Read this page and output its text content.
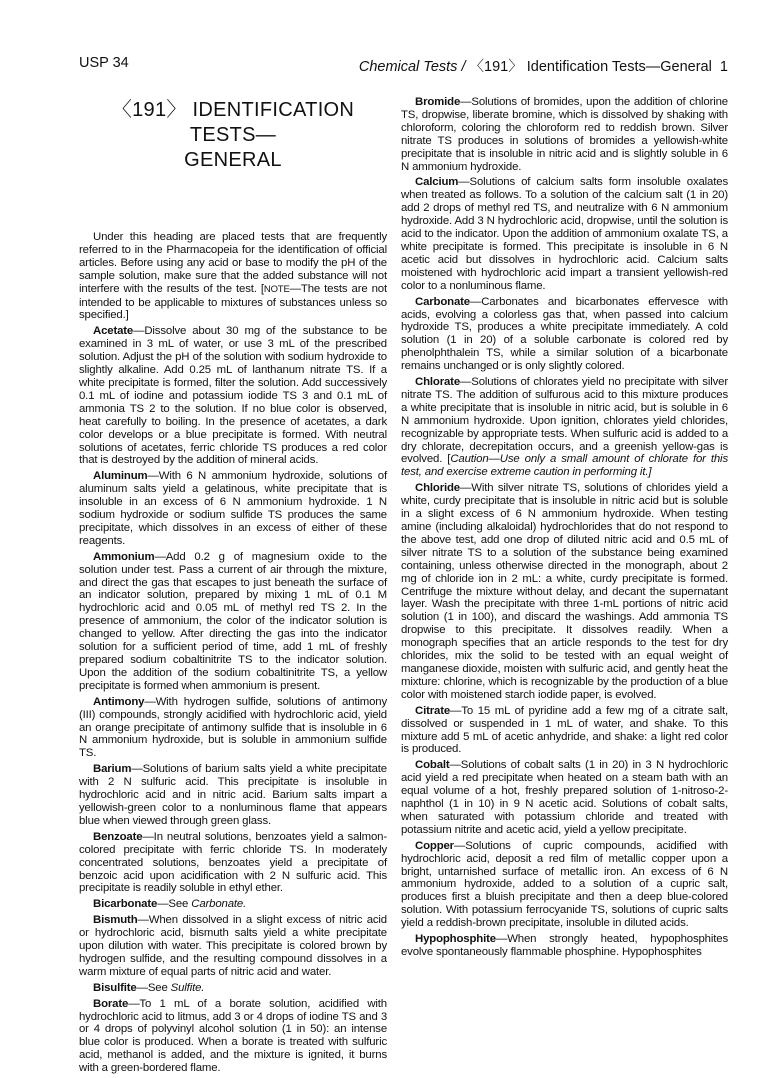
USP 34	Chemical Tests / 〈191〉 Identification Tests—General 1
〈191〉 IDENTIFICATION TESTS—
GENERAL

Under this heading are placed tests that are frequently referred to in the Pharmacopeia for the identification of official articles. Before using any acid or base to modify the pH of the sample solution, make sure that the added substance will not interfere with the results of the test. [NOTE—The tests are not intended to be applicable to mixtures of substances unless so specified.]

Acetate—Dissolve about 30 mg of the substance to be examined in 3 mL of water, or use 3 mL of the prescribed solution. Adjust the pH of the solution with sodium hydroxide to slightly alkaline. Add 0.25 mL of lanthanum nitrate TS. If a white precipitate is formed, filter the solution. Add successively 0.1 mL of iodine and potassium iodide TS 3 and 0.1 mL of ammonia TS 2 to the solution. If no blue color is observed, heat carefully to boiling. In the presence of acetates, a dark color develops or a blue precipitate is formed. With neutral solutions of acetates, ferric chloride TS produces a red color that is destroyed by the addition of mineral acids.

Aluminum—With 6 N ammonium hydroxide, solutions of aluminum salts yield a gelatinous, white precipitate that is insoluble in an excess of 6 N ammonium hydroxide. 1 N sodium hydroxide or sodium sulfide TS produces the same precipitate, which dissolves in an excess of either of these reagents.

Ammonium—Add 0.2 g of magnesium oxide to the solution under test. Pass a current of air through the mixture, and direct the gas that escapes to just beneath the surface of an indicator solution, prepared by mixing 1 mL of 0.1 M hydrochloric acid and 0.05 mL of methyl red TS 2. In the presence of ammonium, the color of the indicator solution is changed to yellow. After directing the gas into the indicator solution for a sufficient period of time, add 1 mL of freshly prepared sodium cobaltinitrite TS to the indicator solution. Upon the addition of the sodium cobaltinitrite TS, a yellow precipitate is formed when ammonium is present.

Antimony—With hydrogen sulfide, solutions of antimony (III) compounds, strongly acidified with hydrochloric acid, yield an orange precipitate of antimony sulfide that is insoluble in 6 N ammonium hydroxide, but is soluble in ammonium sulfide TS.

Barium—Solutions of barium salts yield a white precipitate with 2 N sulfuric acid. This precipitate is insoluble in hydrochloric acid and in nitric acid. Barium salts impart a yellowish-green color to a nonluminous flame that appears blue when viewed through green glass.

Benzoate—In neutral solutions, benzoates yield a salmon-colored precipitate with ferric chloride TS. In moderately concentrated solutions, benzoates yield a precipitate of benzoic acid upon acidification with 2 N sulfuric acid. This precipitate is readily soluble in ethyl ether.

Bicarbonate—See Carbonate.

Bismuth—When dissolved in a slight excess of nitric acid or hydrochloric acid, bismuth salts yield a white precipitate upon dilution with water. This precipitate is colored brown by hydrogen sulfide, and the resulting compound dissolves in a warm mixture of equal parts of nitric acid and water.

Bisulfite—See Sulfite.

Borate—To 1 mL of a borate solution, acidified with hydrochloric acid to litmus, add 3 or 4 drops of iodine TS and 3 or 4 drops of polyvinyl alcohol solution (1 in 50): an intense blue color is produced. When a borate is treated with sulfuric acid, methanol is added, and the mixture is ignited, it burns with a green-bordered flame.

Bromide—Solutions of bromides, upon the addition of chlorine TS, dropwise, liberate bromine, which is dissolved by shaking with chloroform, coloring the chloroform red to reddish brown. Silver nitrate TS produces in solutions of bromides a yellowish-white precipitate that is insoluble in nitric acid and is slightly soluble in 6 N ammonium hydroxide.

Calcium—Solutions of calcium salts form insoluble oxalates when treated as follows. To a solution of the calcium salt (1 in 20) add 2 drops of methyl red TS, and neutralize with 6 N ammonium hydroxide. Add 3 N hydrochloric acid, dropwise, until the solution is acid to the indicator. Upon the addition of ammonium oxalate TS, a white precipitate is formed. This precipitate is insoluble in 6 N acetic acid but dissolves in hydrochloric acid. Calcium salts moistened with hydrochloric acid impart a transient yellowish-red color to a nonluminous flame.

Carbonate—Carbonates and bicarbonates effervesce with acids, evolving a colorless gas that, when passed into calcium hydroxide TS, produces a white precipitate immediately. A cold solution (1 in 20) of a soluble carbonate is colored red by phenolphthalein TS, while a similar solution of a bicarbonate remains unchanged or is only slightly colored.

Chlorate—Solutions of chlorates yield no precipitate with silver nitrate TS. The addition of sulfurous acid to this mixture produces a white precipitate that is insoluble in nitric acid, but is soluble in 6 N ammonium hydroxide. Upon ignition, chlorates yield chlorides, recognizable by appropriate tests. When sulfuric acid is added to a dry chlorate, decrepitation occurs, and a greenish yellow-gas is evolved. [Caution—Use only a small amount of chlorate for this test, and exercise extreme caution in performing it.]

Chloride—With silver nitrate TS, solutions of chlorides yield a white, curdy precipitate that is insoluble in nitric acid but is soluble in a slight excess of 6 N ammonium hydroxide. When testing amine (including alkaloidal) hydrochlorides that do not respond to the above test, add one drop of diluted nitric acid and 0.5 mL of silver nitrate TS to a solution of the substance being examined containing, unless otherwise directed in the monograph, about 2 mg of chloride ion in 2 mL: a white, curdy precipitate is formed. Centrifuge the mixture without delay, and decant the supernatant layer. Wash the precipitate with three 1-mL portions of nitric acid solution (1 in 100), and discard the washings. Add ammonia TS dropwise to this precipitate. It dissolves readily. When a monograph specifies that an article responds to the test for dry chlorides, mix the solid to be tested with an equal weight of manganese dioxide, moisten with sulfuric acid, and gently heat the mixture: chlorine, which is recognizable by the production of a blue color with moistened starch iodide paper, is evolved.

Citrate—To 15 mL of pyridine add a few mg of a citrate salt, dissolved or suspended in 1 mL of water, and shake. To this mixture add 5 mL of acetic anhydride, and shake: a light red color is produced.

Cobalt—Solutions of cobalt salts (1 in 20) in 3 N hydrochloric acid yield a red precipitate when heated on a steam bath with an equal volume of a hot, freshly prepared solution of 1-nitroso-2-naphthol (1 in 10) in 9 N acetic acid. Solutions of cobalt salts, when saturated with potassium chloride and treated with potassium nitrite and acetic acid, yield a yellow precipitate.

Copper—Solutions of cupric compounds, acidified with hydrochloric acid, deposit a red film of metallic copper upon a bright, untarnished surface of metallic iron. An excess of 6 N ammonium hydroxide, added to a solution of a cupric salt, produces first a bluish precipitate and then a deep blue-colored solution. With potassium ferrocyanide TS, solutions of cupric salts yield a reddish-brown precipitate, insoluble in diluted acids.

Hypophosphite—When strongly heated, hypophosphites evolve spontaneously flammable phosphine. Hypophosphites
